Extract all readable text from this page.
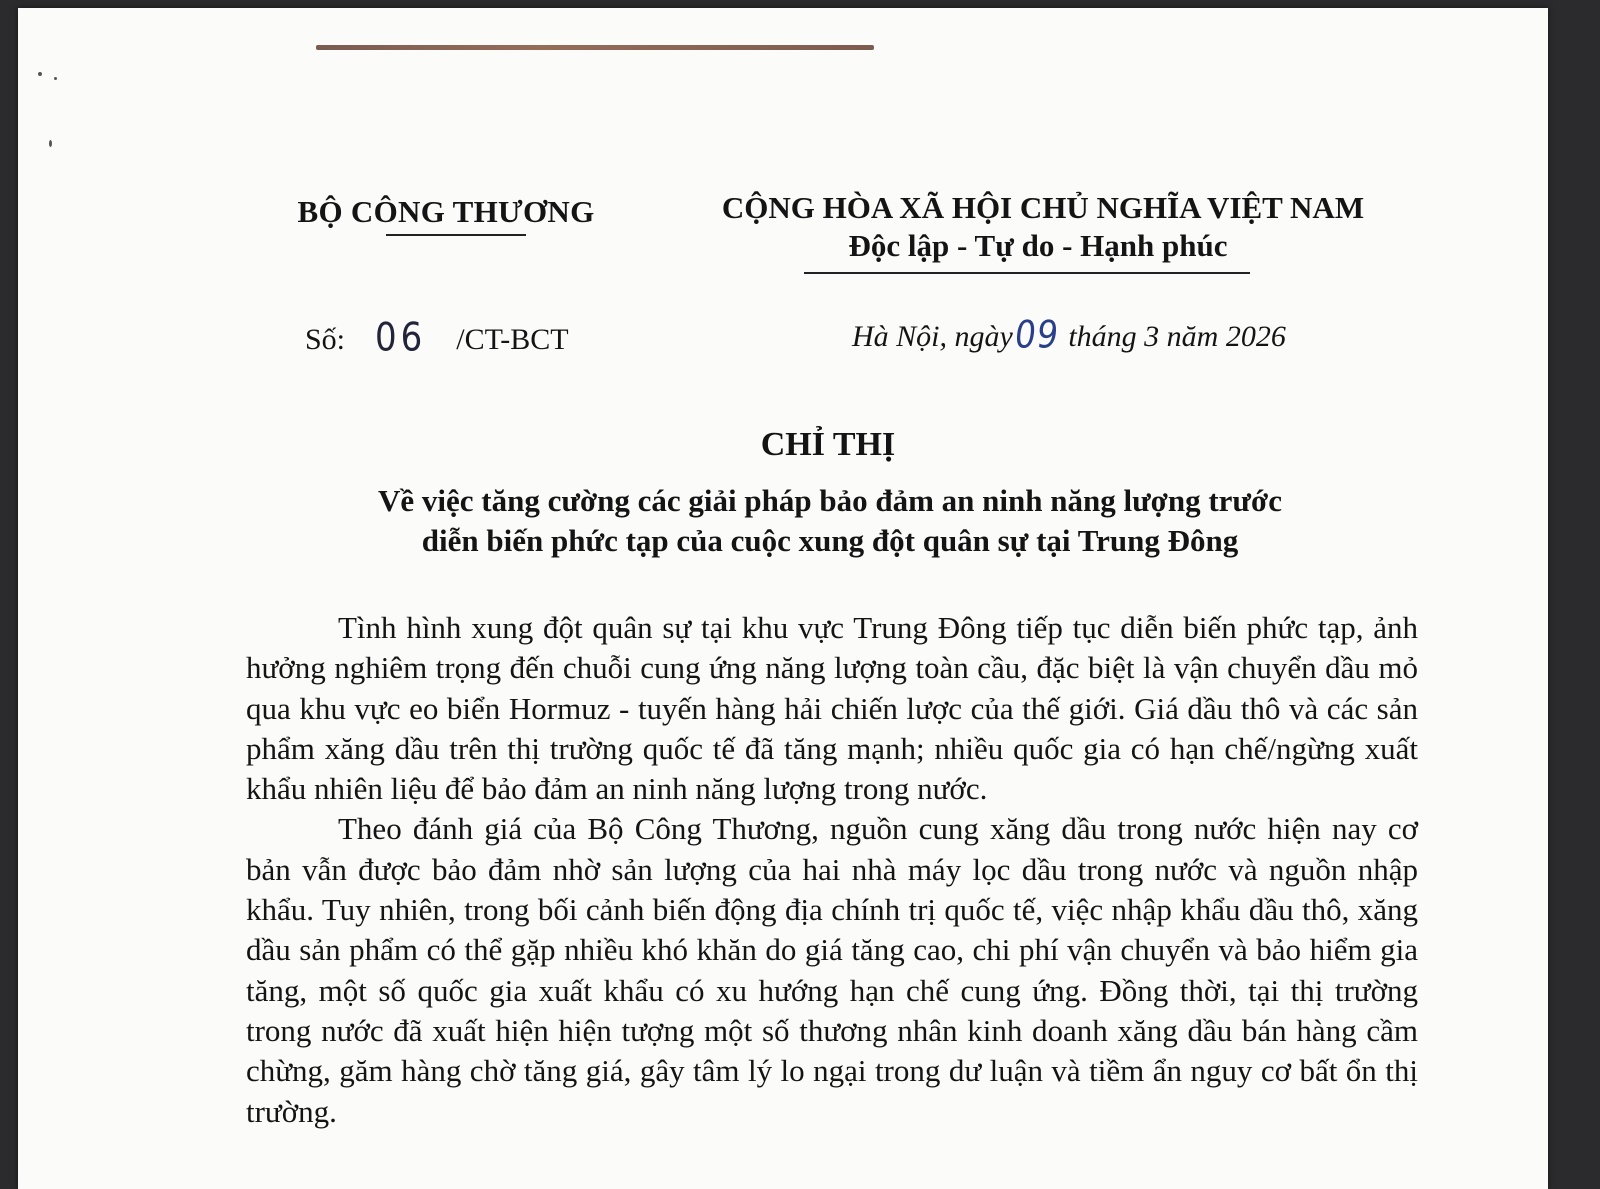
BỘ CÔNG THƯƠNG	CỘNG HÒA XÃ HỘI CHỦ NGHĨA VIỆT NAM
Độc lập - Tự do - Hạnh phúc
Số: 06 /CT-BCT	Hà Nội, ngày09 tháng 3 năm 2026
CHỈ THỊ
Về việc tăng cường các giải pháp bảo đảm an ninh năng lượng trước
diễn biến phức tạp của cuộc xung đột quân sự tại Trung Đông

Tình hình xung đột quân sự tại khu vực Trung Đông tiếp tục diễn biến phức tạp, ảnh hưởng nghiêm trọng đến chuỗi cung ứng năng lượng toàn cầu, đặc biệt là vận chuyển dầu mỏ qua khu vực eo biển Hormuz - tuyến hàng hải chiến lược của thế giới. Giá dầu thô và các sản phẩm xăng dầu trên thị trường quốc tế đã tăng mạnh; nhiều quốc gia có hạn chế/ngừng xuất khẩu nhiên liệu để bảo đảm an ninh năng lượng trong nước.

Theo đánh giá của Bộ Công Thương, nguồn cung xăng dầu trong nước hiện nay cơ bản vẫn được bảo đảm nhờ sản lượng của hai nhà máy lọc dầu trong nước và nguồn nhập khẩu. Tuy nhiên, trong bối cảnh biến động địa chính trị quốc tế, việc nhập khẩu dầu thô, xăng dầu sản phẩm có thể gặp nhiều khó khăn do giá tăng cao, chi phí vận chuyển và bảo hiểm gia tăng, một số quốc gia xuất khẩu có xu hướng hạn chế cung ứng. Đồng thời, tại thị trường trong nước đã xuất hiện hiện tượng một số thương nhân kinh doanh xăng dầu bán hàng cầm chừng, găm hàng chờ tăng giá, gây tâm lý lo ngại trong dư luận và tiềm ẩn nguy cơ bất ổn thị trường.
